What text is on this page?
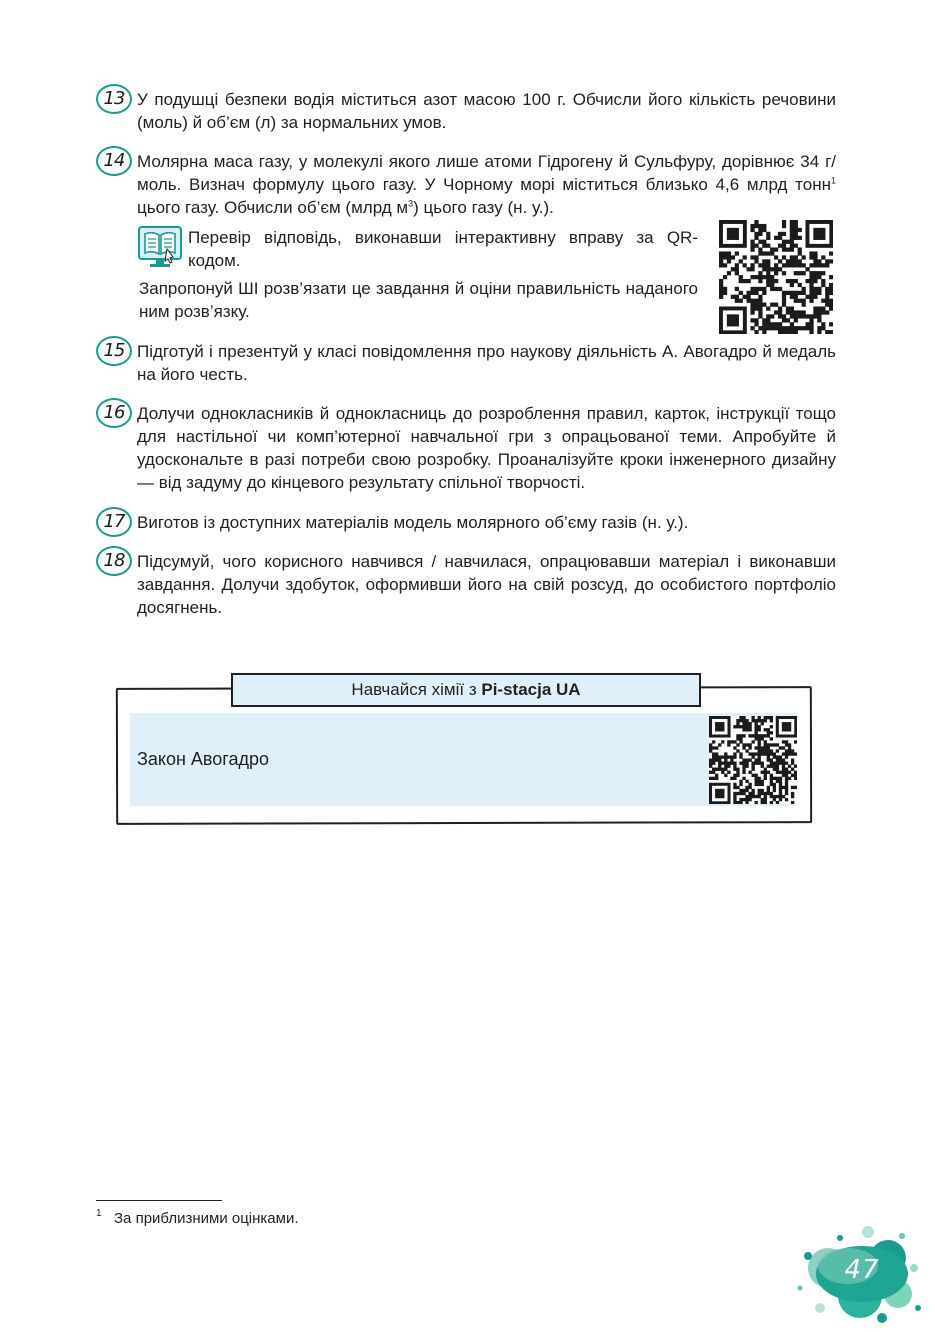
13 У подушці безпеки водія міститься азот масою 100 г. Обчисли його кількість речовини (моль) й об’єм (л) за нормальних умов.
14 Молярна маса газу, у молекулі якого лише атоми Гідрогену й Сульфуру, дорівнює 34 г/моль. Визнач формулу цього газу. У Чорному морі міститься близько 4,6 млрд тонн$^1$ цього газу. Обчисли об’єм (млрд $м^3$) цього газу (н. у.).
Перевір відповідь, виконавши інтерактивну вправу за QR-кодом.
Запропонуй ШІ розв’язати це завдання й оціни правильність наданого ним розв’язку.
15 Підготуй і презентуй у класі повідомлення про наукову діяльність А. Авогадро й медаль на його честь.
16 Долучи однокласників й однокласниць до розроблення правил, карток, інструкції тощо для настільної чи комп’ютерної навчальної гри з опрацьованої теми. Апробуйте й удоскональте в разі потреби свою розробку. Проаналізуйте кроки інженерного дизайну — від задуму до кінцевого результату спільної творчості.
17 Виготов із доступних матеріалів модель молярного об’єму газів (н. у.).
18 Підсумуй, чого корисного навчився / навчилася, опрацювавши матеріал і виконавши завдання. Долучи здобуток, оформивши його на свій розсуд, до особистого портфоліо досягнень.
Навчайся хімії з Pi-stacja UA
Закон Авогадро
1 За приблизними оцінками.
47
